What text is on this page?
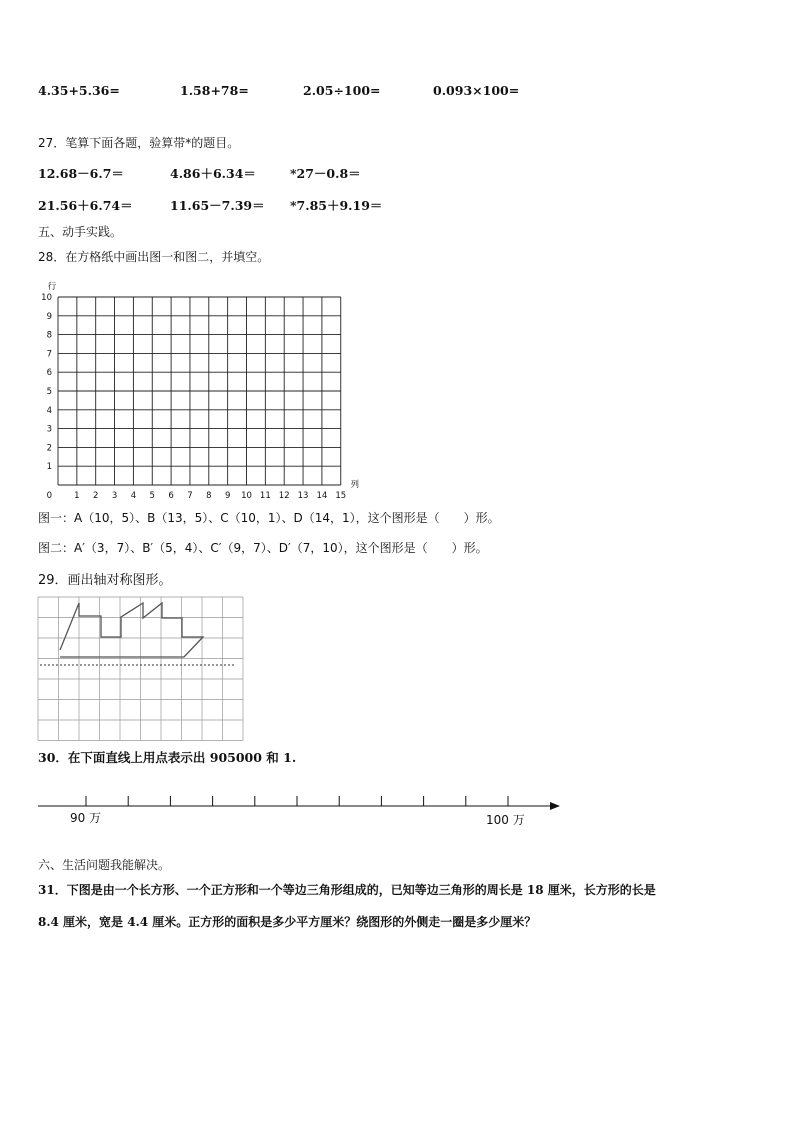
4.35+5.36=	1.58+78=	2.05÷100=	0.093×100=
27．笔算下面各题，验算带*的题目。
12.68－6.7＝	4.86＋6.34＝	*27－0.8＝
21.56＋6.74＝	11.65－7.39＝ *7.85＋9.19＝
五、动手实践。
28．在方格纸中画出图一和图二，并填空。
0
1
2
3
4
5
6
7
8
9
10
1 2 3 4 5 6 7 8 9 10 11 12 13 14 15
行
列
图一：A（10，5）、B（13，5）、C（10，1）、D（14，1），这个图形是（　　）形。
图二：A′（3，7）、B′（5，4）、C′（9，7）、D′（7，10），这个图形是（　　）形。
29．画出轴对称图形。
30．在下面直线上用点表示出 905000 和 1.
90 万	100 万
六、生活问题我能解决。
31．下图是由一个长方形、一个正方形和一个等边三角形组成的，已知等边三角形的周长是 18 厘米，长方形的长是
8.4 厘米，宽是 4.4 厘米。正方形的面积是多少平方厘米？绕图形的外侧走一圈是多少厘米？
